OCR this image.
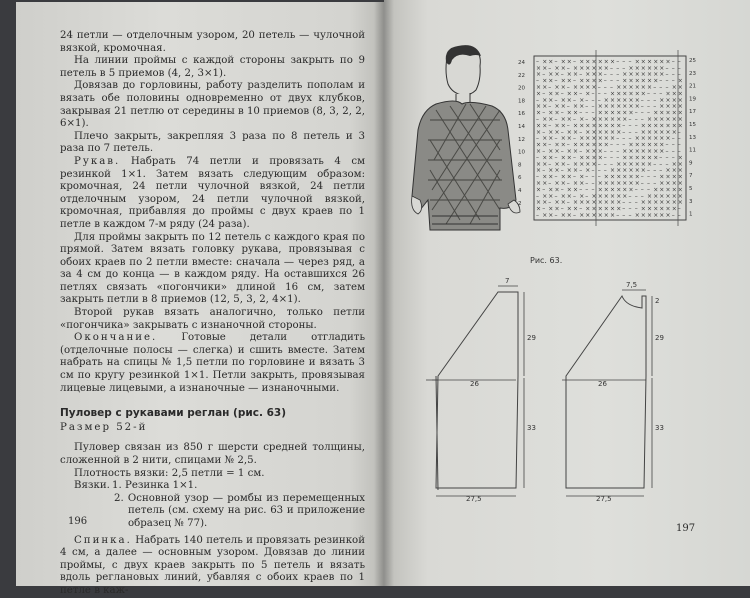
24 петли — отделочным узором, 20 петель — чулочной вязкой, кромочная.

На линии проймы с каждой стороны закрыть по 9 петель в 5 приемов (4, 2, 3×1).

Довязав до горловины, работу разделить пополам и вязать обе половины одновременно от двух клубков, закрывая 21 петлю от середины в 10 приемов (8, 3, 2, 2, 6×1).

Плечо закрыть, закрепляя 3 раза по 8 петель и 3 раза по 7 петель.

Рукав. Набрать 74 петли и провязать 4 см резинкой 1×1. Затем вязать следующим образом: кромочная, 24 петли чулочной вязкой, 24 петли отделочным узором, 24 петли чулочной вязкой, кромочная, прибавляя до проймы с двух краев по 1 петле в каждом 7-м ряду (24 раза).

Для проймы закрыть по 12 петель с каждого края по прямой. Затем вязать головку рукава, провязывая с обоих краев по 2 петли вместе: сначала — через ряд, а за 4 см до конца — в каждом ряду. На оставшихся 26 петлях связать «погончики» длиной 16 см, затем закрыть петли в 8 приемов (12, 5, 3, 2, 4×1).

Второй рукав вязать аналогично, только петли «погончика» закрывать с изнаночной стороны.

Окончание. Готовые детали отгладить (отделочные полосы — слегка) и сшить вместе. Затем набрать на спицы № 1,5 петли по горловине и вязать 3 см по кругу резинкой 1×1. Петли закрыть, провязывая лицевые лицевыми, а изнаночные — изнаночными.

Пуловер с рукавами реглан (рис. 63)

Размер 52-й

Пуловер связан из 850 г шерсти средней толщины, сложенной в 2 нити, спицами № 2,5.

Плотность вязки: 2,5 петли = 1 см.

Вязки. 1. Резинка 1×1.

2. Основной узор — ромбы из перемещенных петель (см. схему на рис. 63 и приложение образец № 77).

Спинка. Набрать 140 петель и провязать резинкой 4 см, а далее — основным узором. Довязав до линии проймы, с двух краев закрыть по 5 петель и вязать вдоль реглановых линий, убавляя с обоих краев по 1 петле в каж-

196
197
Рис. 63.
– × × – × × – × × × × × × – – – × × × × × × – –
× × – × × – × × × × × × – – – × × × × × × – – –
× – × × – × × – × × × – – – × × × × × × × – – –
– × × – × × – × × × × – – – × × × × × × – – – ×
× × – × × – × × × × – – – × × × × × × – – – × ×
× – × × – × × – × – – – × × × × × × – – – × × ×
– × × – × × – × – – – × × × × × × – – – × × × ×
× × – × × – × × – – × × × × × × × – – – × × × ×
× – × × – × × – – – × × × × × × – – – × × × × ×
– × × – × × – × – × × × × × × – – – × × × × × ×
× × – × × – × × × × × × × × – – – × × × × × × ×
× – × × – × × – × × × × × × – – – × × × × × × –
– × × – × × – × × × × × × – – – × × × × × × – –
× × – × × – × × × × × × – – – × × × × × × – – –
× – × × – × × – × × × – – – × × × × × × × – – –
– × × – × × – × × × × – – – × × × × × × – – – ×
× × – × × – × × × × – – – × × × × × × – – – × ×
× – × × – × × – × – – – × × × × × × – – – × × ×
– × × – × × – × – – – × × × × × × – – – × × × ×
× × – × × – × × – – × × × × × × × – – – × × × ×
× – × × – × × – – – × × × × × × – – – × × × × ×
– × × – × × – × – × × × × × × – – – × × × × × ×
× × – × × – × × × × × × × × – – – × × × × × × ×
× – × × – × × – × × × × × × – – – × × × × × × –
– × × – × × – × × × × × × – – – × × × × × × – –
24
22
20
18
16
14
12
10
8
6
4
2
25
23
21
19
17
15
13
11
9
7
5
3
1
7
29
26
33
27,5
7,5
2
29
26
33
27,5
